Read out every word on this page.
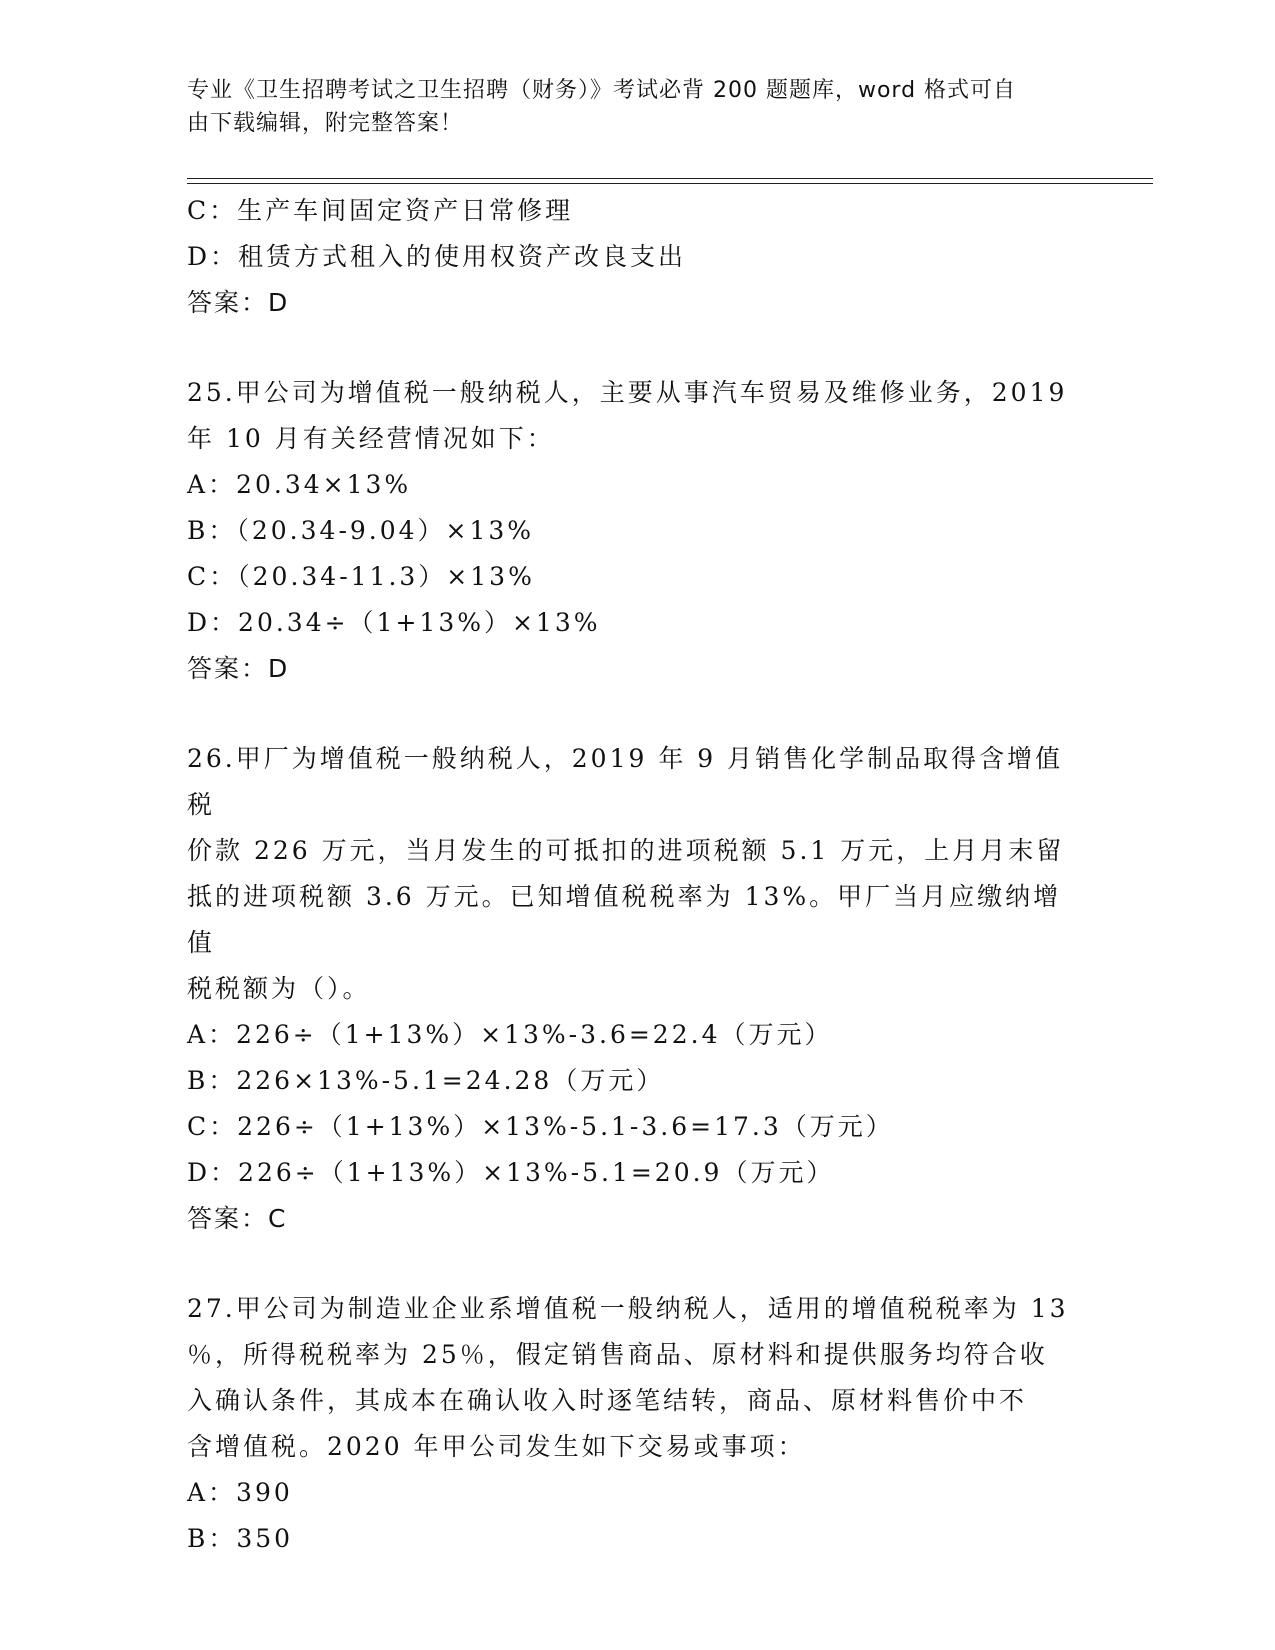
专业《卫生招聘考试之卫生招聘（财务）》考试必背 200 题题库，word 格式可自
由下载编辑，附完整答案！
C：生产车间固定资产日常修理
D：租赁方式租入的使用权资产改良支出
答案：D
25.甲公司为增值税一般纳税人，主要从事汽车贸易及维修业务，2019
年 10 月有关经营情况如下：
A：20.34×13%
B：（20.34-9.04）×13%
C：（20.34-11.3）×13%
D：20.34÷（1+13%）×13%
答案：D
26.甲厂为增值税一般纳税人，2019 年 9 月销售化学制品取得含增值税
价款 226 万元，当月发生的可抵扣的进项税额 5.1 万元，上月月末留
抵的进项税额 3.6 万元。已知增值税税率为 13%。甲厂当月应缴纳增值
税税额为（）。
A：226÷（1+13%）×13%-3.6=22.4（万元）
B：226×13%-5.1=24.28（万元）
C：226÷（1+13%）×13%-5.1-3.6=17.3（万元）
D：226÷（1+13%）×13%-5.1=20.9（万元）
答案：C
27.甲公司为制造业企业系增值税一般纳税人，适用的增值税税率为 13
％，所得税税率为 25％，假定销售商品、原材料和提供服务均符合收
入确认条件，其成本在确认收入时逐笔结转，商品、原材料售价中不
含增值税。2020 年甲公司发生如下交易或事项：
A：390
B：350
